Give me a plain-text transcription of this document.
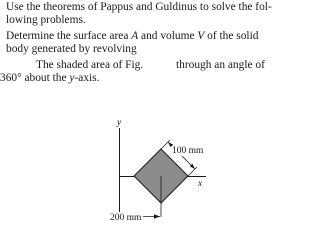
Use the theorems of Pappus and Guldinus to solve the fol-
lowing problems.
Determine the surface area A and volume V of the solid
body generated by revolving
The shaded area of Fig.	through an angle of
360° about the y-axis.
y
x
100 mm
200 mm
